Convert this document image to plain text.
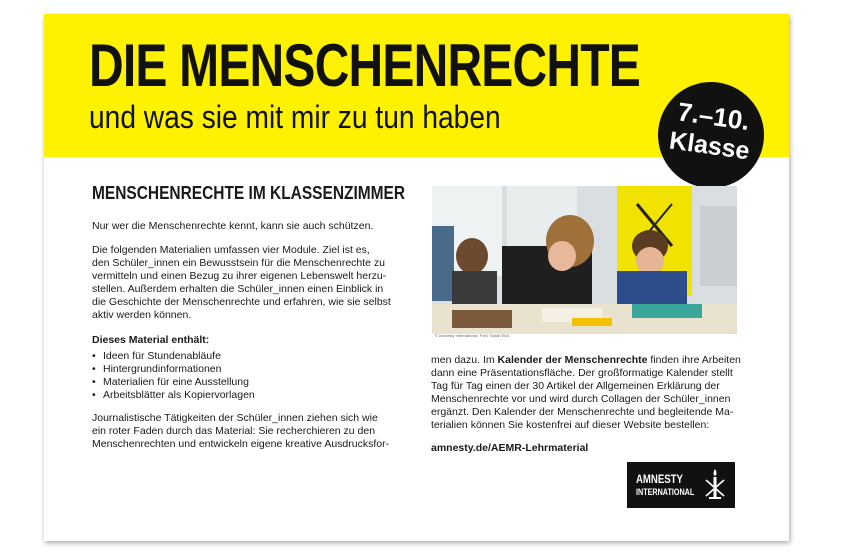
DIE MENSCHENRECHTE
und was sie mit mir zu tun haben	7.–10.
Klasse
MENSCHENRECHTE IM KLASSENZIMMER

Nur wer die Menschenrechte kennt, kann sie auch schützen.

Die folgenden Materialien umfassen vier Module. Ziel ist es,
den Schüler_innen ein Bewusstsein für die Menschenrechte zu
vermitteln und einen Bezug zu ihrer eigenen Lebenswelt herzu-
stellen. Außerdem erhalten die Schüler_innen einen Einblick in
die Geschichte der Menschenrechte und erfahren, wie sie selbst
aktiv werden können.

Dieses Material enthält:

• Ideen für Stundenabläufe
• Hintergrundinformationen
• Materialien für eine Ausstellung
• Arbeitsblätter als Kopiervorlagen

Journalistische Tätigkeiten der Schüler_innen ziehen sich wie
ein roter Faden durch das Material: Sie recherchieren zu den
Menschenrechten und entwickeln eigene kreative Ausdrucksfor-

© Amnesty International, Foto: Sarah Eick

men dazu. Im Kalender der Menschenrechte finden ihre Arbeiten
dann eine Präsentationsfläche. Der großformatige Kalender stellt
Tag für Tag einen der 30 Artikel der Allgemeinen Erklärung der
Menschenrechte vor und wird durch Collagen der Schüler_innen
ergänzt. Den Kalender der Menschenrechte und begleitende Ma-
terialien können Sie kostenfrei auf dieser Website bestellen:

amnesty.de/AEMR-Lehrmaterial

AMNESTY
INTERNATIONAL
